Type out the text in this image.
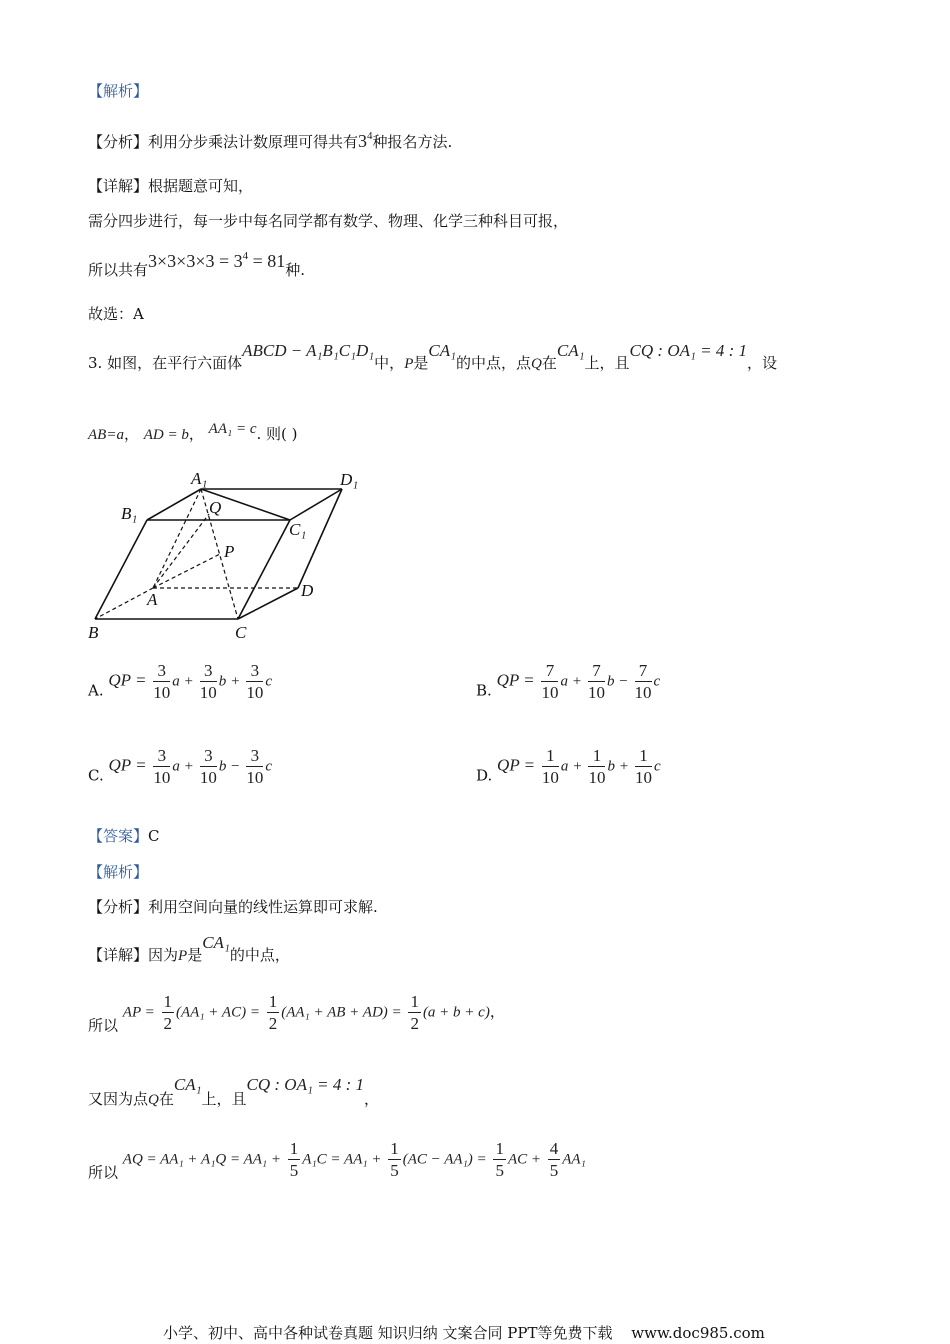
【解析】
【分析】利用分步乘法计数原理可得共有$3^4$种报名方法.
【详解】根据题意可知，
需分四步进行，每一步中每名同学都有数学、物理、化学三种科目可报，
所以共有$3\times 3\times 3\times 3 = 3^4 = 81$种.
故选：A
3. 如图，在平行六面体ABCD − A₁B₁C₁D₁中，P是CA₁的中点，点Q在CA₁上，且CQ : OA₁ = 4 : 1，设
AB=a， AD = b， AA₁ = c. 则( )
A₁	D₁
B₁	Q
C₁
P
A	D
B	C
A. QP = $\frac{3}{10}$ $a + \frac{3}{10}$ $b + \frac{3}{10}$ c	B. QP = $\frac{7}{10}$ $a + \frac{7}{10}$ $b - \frac{7}{10}$ c
C. QP = $\frac{3}{10}$ $a + \frac{3}{10}$ $b - \frac{3}{10}$ c	D. QP = $\frac{1}{10}$ $a + \frac{1}{10}$ $b + \frac{1}{10}$ c
【答案】C
【解析】
【分析】利用空间向量的线性运算即可求解.
【详解】因为P是CA₁的中点，
所以 AP = $\frac{1}{2} (AA_1 + AC) = \frac{1}{2} (AA_1$ + AB + $AD) = \frac{1}{2} (a + b + c)$，
又因为点Q在CA₁上，且CQ : OA₁ = 4 : 1，
所以 AQ = $AA_1 + A_1Q = AA_1 + \frac{1}{5} A_1C = AA_1 + \frac{1}{5} (AC - AA_1) = \frac{1}{5}$ AC + $\frac{4}{5} AA_1$
小学、初中、高中各种试卷真题 知识归纳 文案合同 PPT等免费下载 www.doc985.com
